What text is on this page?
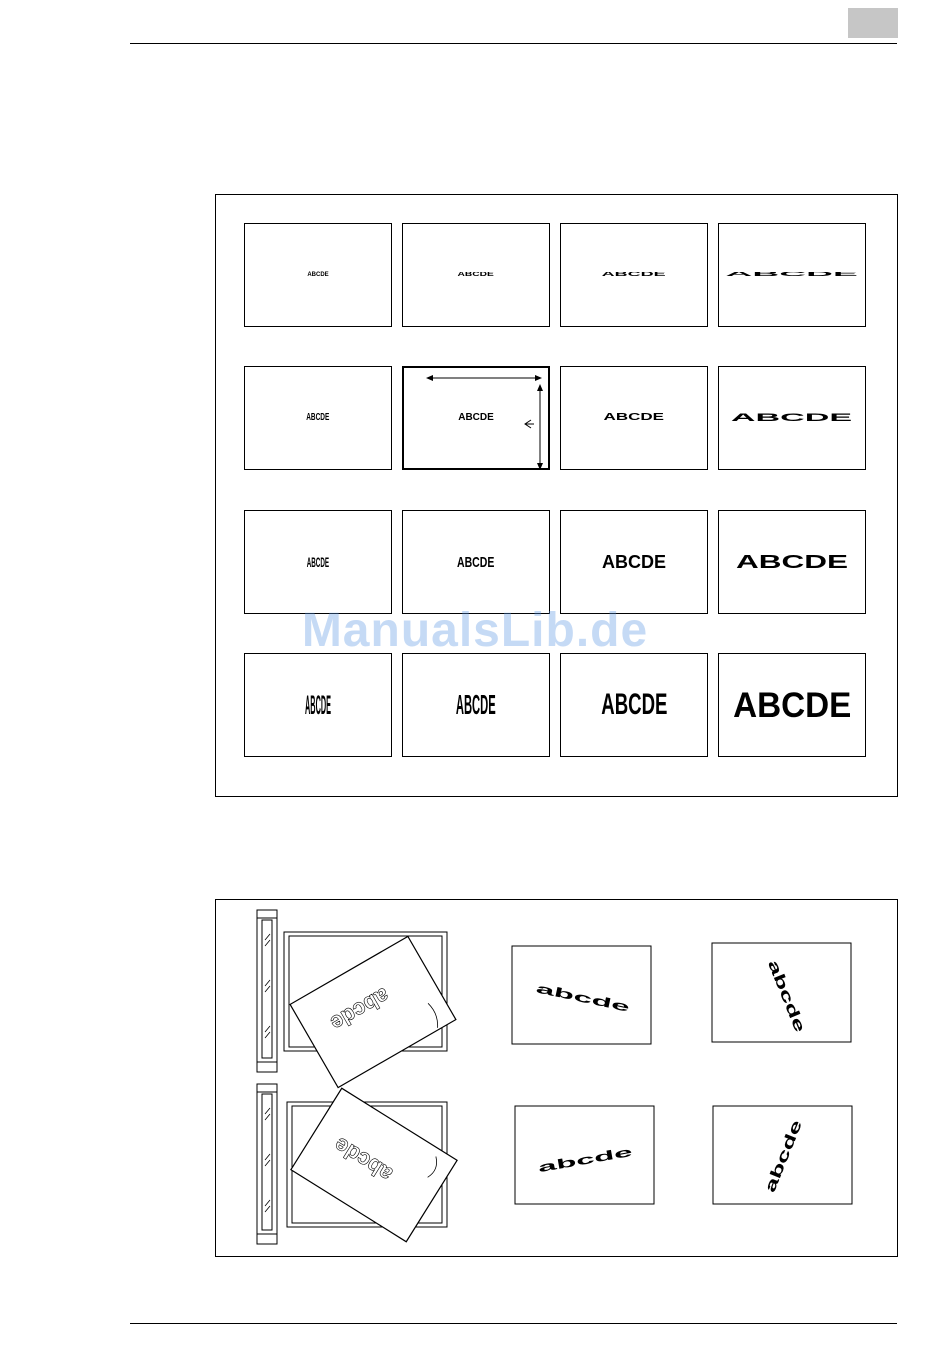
ABCDE	ABCDE	ABCDE	ABCDE
ABCDE	ABCDE	ABCDE	ABCDE
ABCDE	ABCDE	ABCDE	ABCDE
ABCDE	ABCDE	ABCDE ABCDE
abcde
abcde
abcde	abcde
abcde	abcde
ManualsLib.de
